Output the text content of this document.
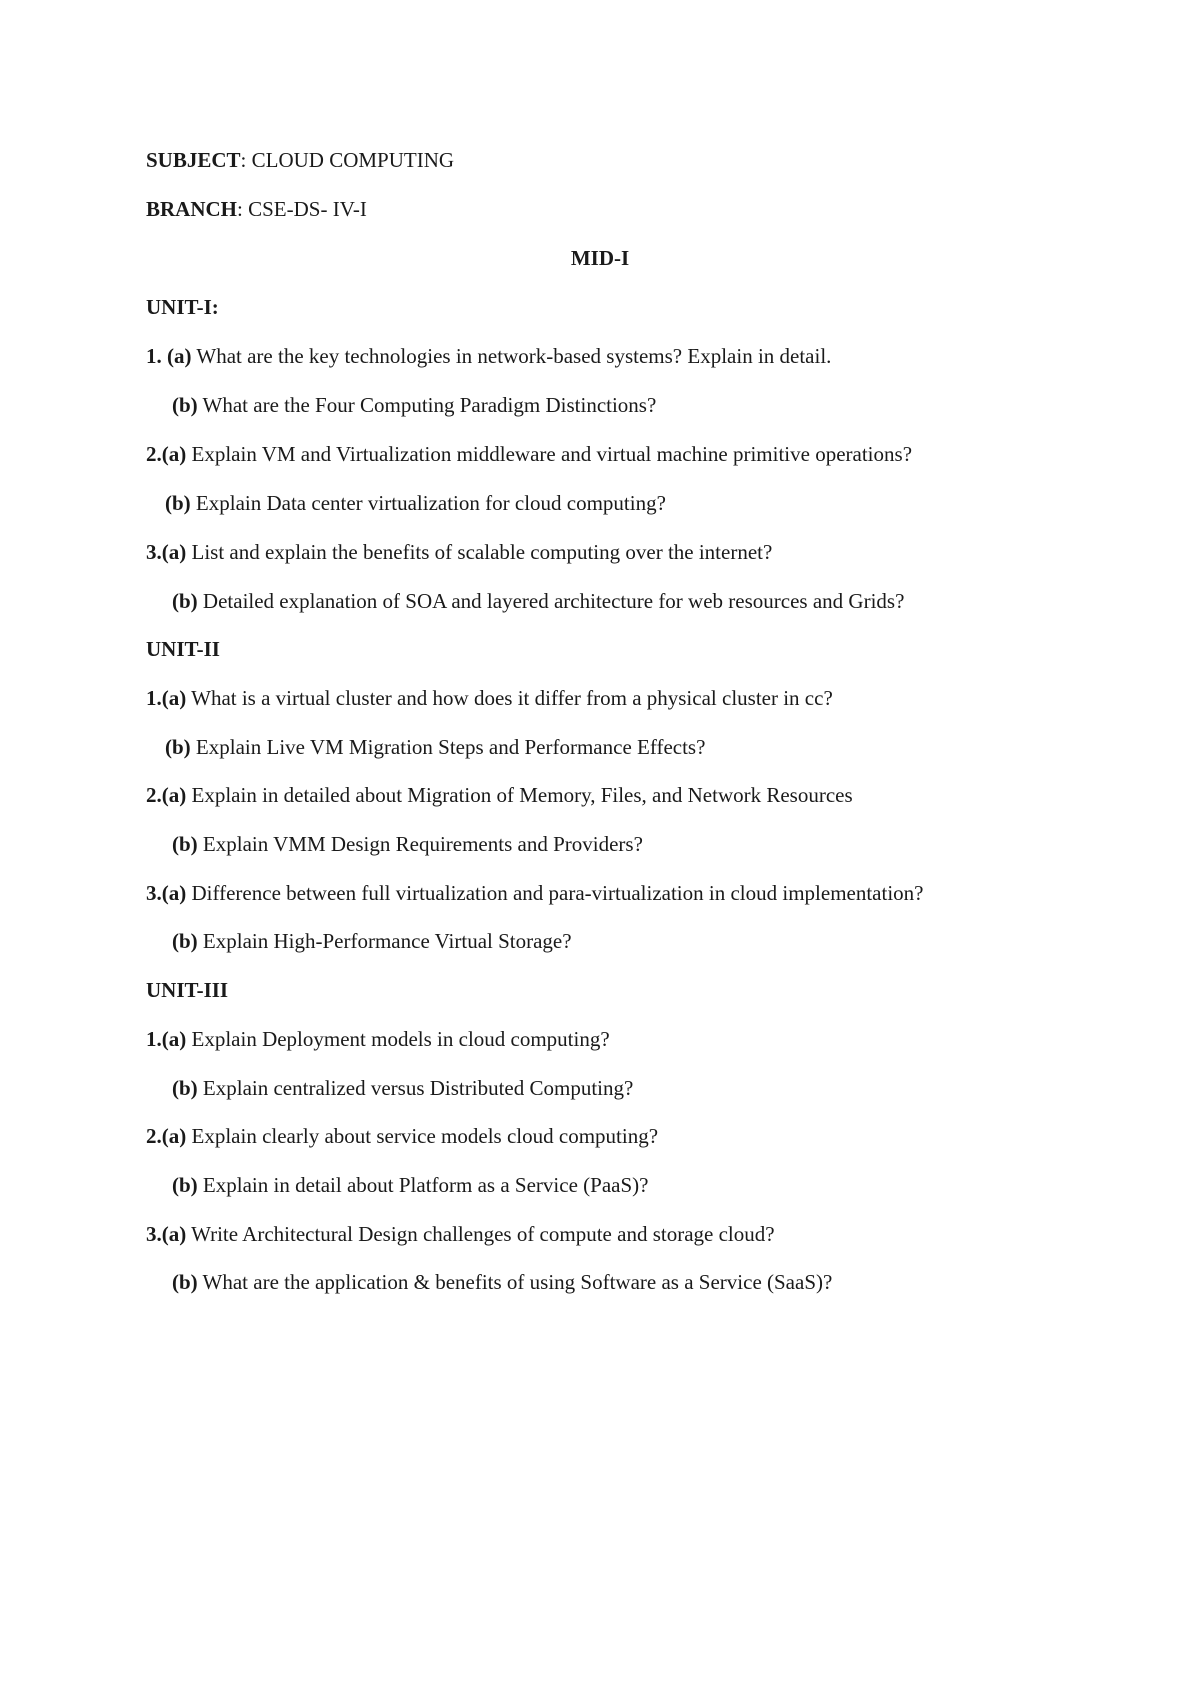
SUBJECT: CLOUD COMPUTING
BRANCH: CSE-DS- IV-I
MID-I
UNIT-I:
1. (a) What are the key technologies in network-based systems? Explain in detail.
(b) What are the Four Computing Paradigm Distinctions?
2.(a) Explain VM and Virtualization middleware and virtual machine primitive operations?
(b) Explain Data center virtualization for cloud computing?
3.(a) List and explain the benefits of scalable computing over the internet?
(b) Detailed explanation of SOA and layered architecture for web resources and Grids?
UNIT-II
1.(a) What is a virtual cluster and how does it differ from a physical cluster in cc?
(b) Explain Live VM Migration Steps and Performance Effects?
2.(a) Explain in detailed about Migration of Memory, Files, and Network Resources
(b) Explain VMM Design Requirements and Providers?
3.(a) Difference between full virtualization and para-virtualization in cloud implementation?
(b) Explain High-Performance Virtual Storage?
UNIT-III
1.(a) Explain Deployment models in cloud computing?
(b) Explain centralized versus Distributed Computing?
2.(a) Explain clearly about service models cloud computing?
(b) Explain in detail about Platform as a Service (PaaS)?
3.(a) Write Architectural Design challenges of compute and storage cloud?
(b) What are the application & benefits of using Software as a Service (SaaS)?
